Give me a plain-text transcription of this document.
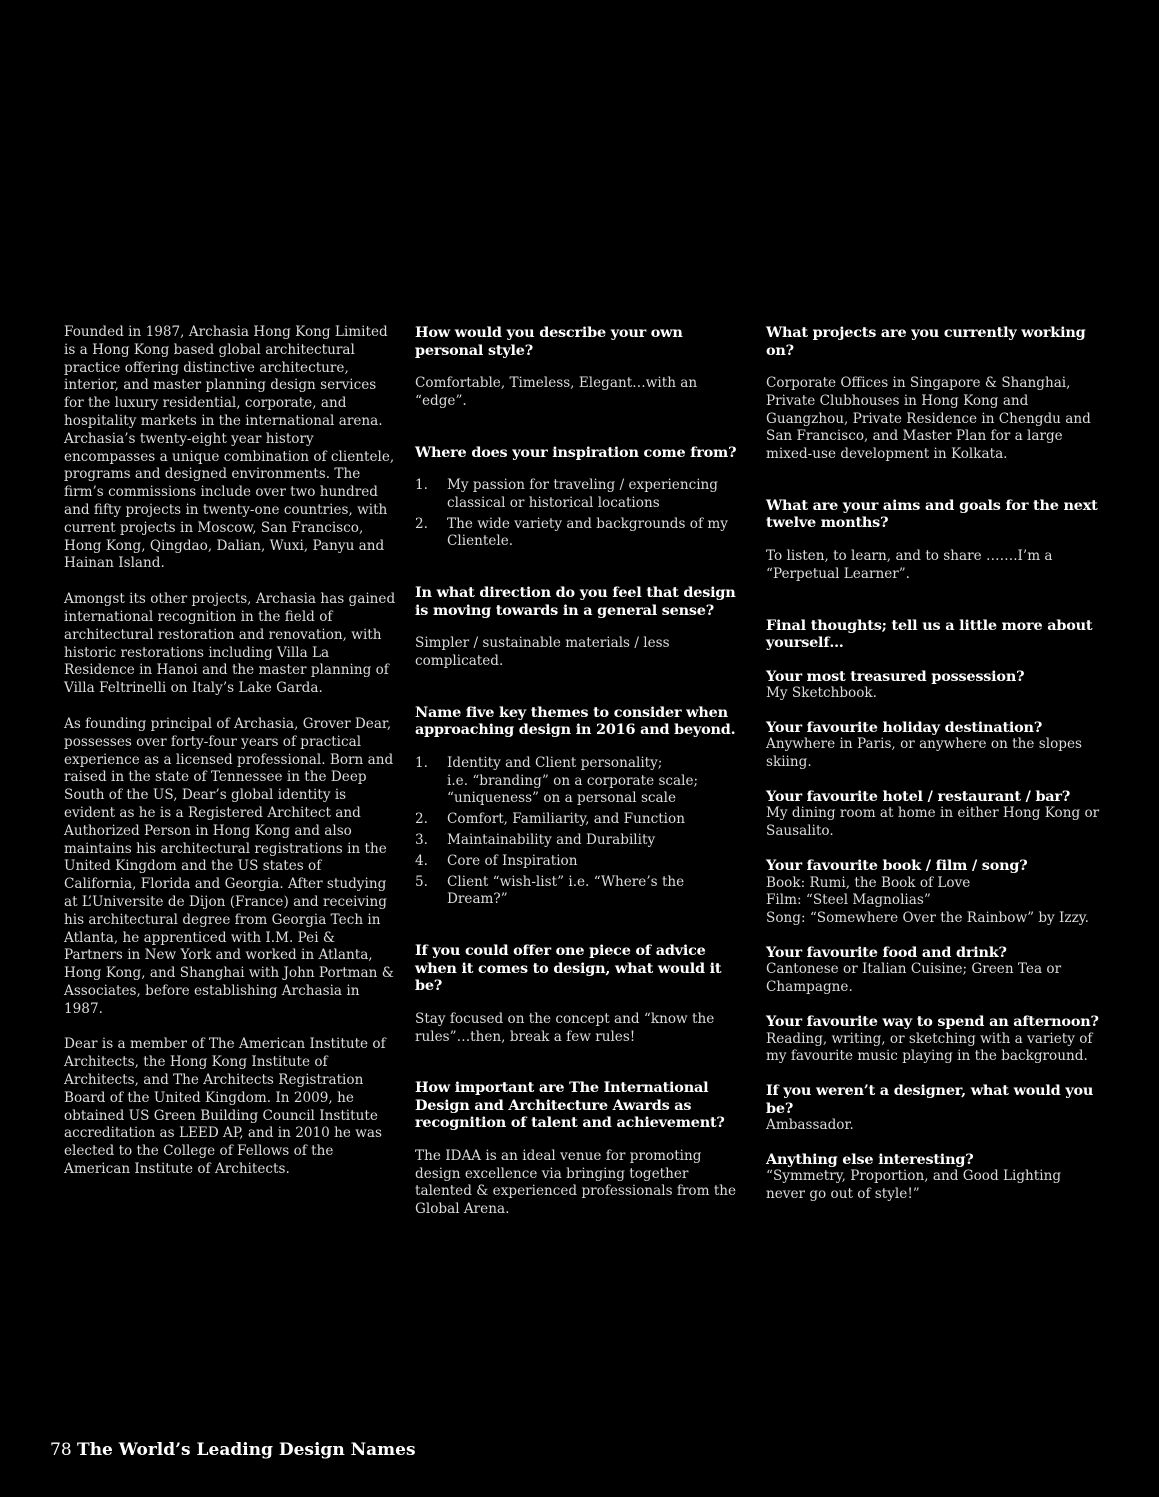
Founded in 1987, Archasia Hong Kong Limited is a Hong Kong based global architectural practice offering distinctive architecture, interior, and master planning design services for the luxury residential, corporate, and hospitality markets in the international arena. Archasia’s twenty-eight year history encompasses a unique combination of clientele, programs and designed environments. The firm’s commissions include over two hundred and fifty projects in twenty-one countries, with current projects in Moscow, San Francisco, Hong Kong, Qingdao, Dalian, Wuxi, Panyu and Hainan Island.

Amongst its other projects, Archasia has gained international recognition in the field of architectural restoration and renovation, with historic restorations including Villa La Residence in Hanoi and the master planning of Villa Feltrinelli on Italy’s Lake Garda.

As founding principal of Archasia, Grover Dear, possesses over forty-four years of practical experience as a licensed professional. Born and raised in the state of Tennessee in the Deep South of the US, Dear’s global identity is evident as he is a Registered Architect and Authorized Person in Hong Kong and also maintains his architectural registrations in the United Kingdom and the US states of California, Florida and Georgia. After studying at L’Universite de Dijon (France) and receiving his architectural degree from Georgia Tech in Atlanta, he apprenticed with I.M. Pei & Partners in New York and worked in Atlanta, Hong Kong, and Shanghai with John Portman & Associates, before establishing Archasia in 1987.

Dear is a member of The American Institute of Architects, the Hong Kong Institute of Architects, and The Architects Registration Board of the United Kingdom. In 2009, he obtained US Green Building Council Institute accreditation as LEED AP, and in 2010 he was elected to the College of Fellows of the American Institute of Architects.

How would you describe your own personal style?

Comfortable, Timeless, Elegant…with an “edge”.

Where does your inspiration come from?

1. My passion for traveling / experiencing classical or historical locations
2. The wide variety and backgrounds of my Clientele.

In what direction do you feel that design is moving towards in a general sense?

Simpler / sustainable materials / less complicated.

Name five key themes to consider when approaching design in 2016 and beyond.

1. Identity and Client personality;
i.e. “branding” on a corporate scale;
“uniqueness” on a personal scale
2. Comfort, Familiarity, and Function
3. Maintainability and Durability
4. Core of Inspiration
5. Client “wish-list” i.e. “Where’s the Dream?”

If you could offer one piece of advice when it comes to design, what would it be?

Stay focused on the concept and “know the rules”…then, break a few rules!

How important are The International Design and Architecture Awards as recognition of talent and achievement?

The IDAA is an ideal venue for promoting design excellence via bringing together talented & experienced professionals from the Global Arena.

What projects are you currently working on?

Corporate Offices in Singapore & Shanghai, Private Clubhouses in Hong Kong and Guangzhou, Private Residence in Chengdu and San Francisco, and Master Plan for a large mixed-use development in Kolkata.

What are your aims and goals for the next twelve months?

To listen, to learn, and to share …….I’m a “Perpetual Learner”.

Final thoughts; tell us a little more about yourself…

Your most treasured possession?

My Sketchbook.

Your favourite holiday destination?

Anywhere in Paris, or anywhere on the slopes skiing.

Your favourite hotel / restaurant / bar?

My dining room at home in either Hong Kong or Sausalito.

Your favourite book / film / song?

Book: Rumi, the Book of Love
Film: “Steel Magnolias”
Song: “Somewhere Over the Rainbow” by Izzy.

Your favourite food and drink?

Cantonese or Italian Cuisine; Green Tea or Champagne.

Your favourite way to spend an afternoon?

Reading, writing, or sketching with a variety of my favourite music playing in the background.

If you weren’t a designer, what would you be?

Ambassador.

Anything else interesting?

“Symmetry, Proportion, and Good Lighting never go out of style!”

78 The World’s Leading Design Names
